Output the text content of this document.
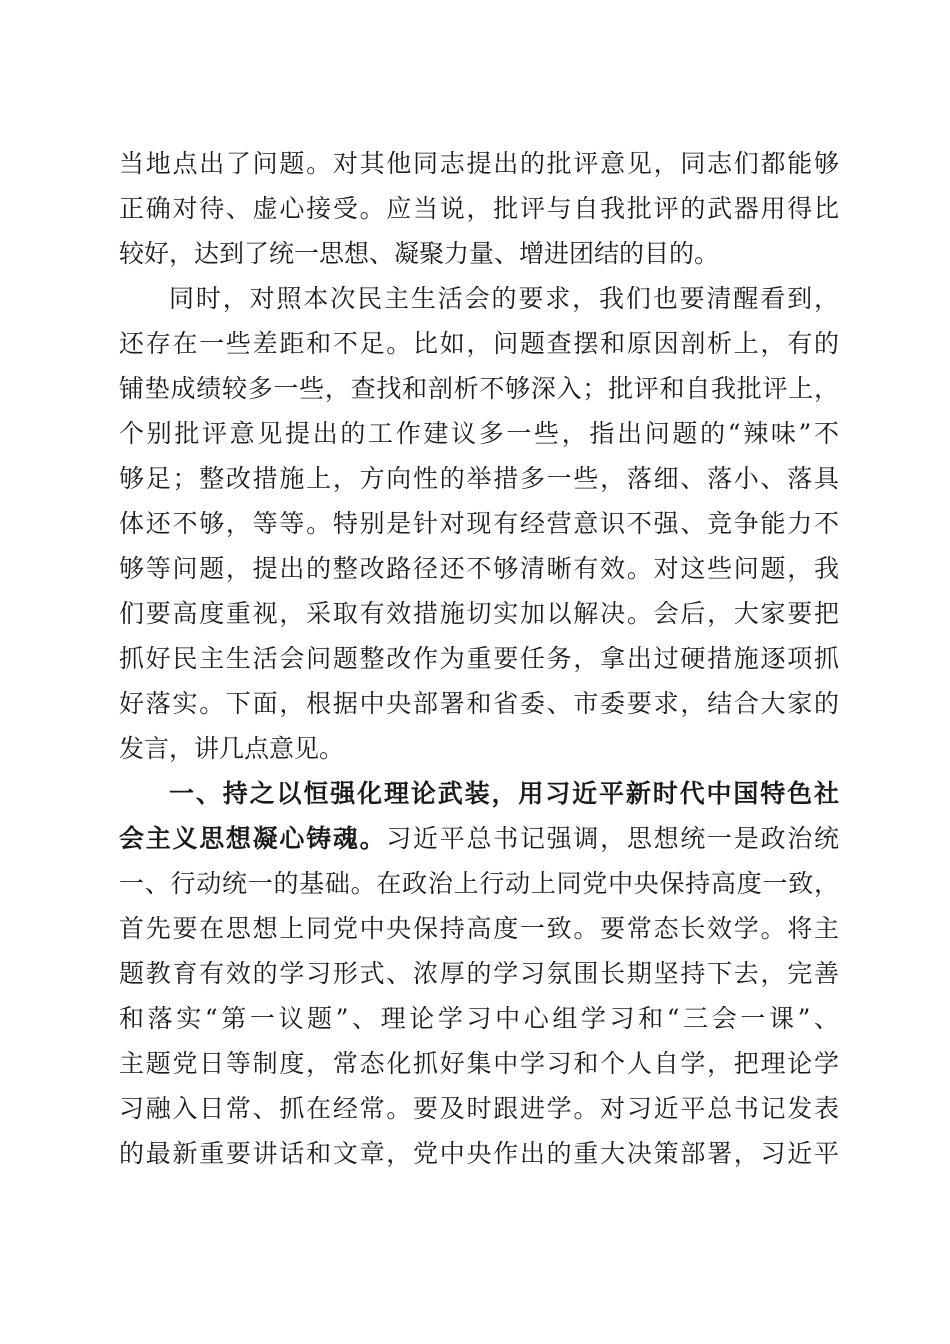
当地点出了问题。对其他同志提出的批评意见，同志们都能够
正确对待、虚心接受。应当说，批评与自我批评的武器用得比
较好，达到了统一思想、凝聚力量、增进团结的目的。
同时，对照本次民主生活会的要求，我们也要清醒看到，
还存在一些差距和不足。比如，问题查摆和原因剖析上，有的
铺垫成绩较多一些，查找和剖析不够深入；批评和自我批评上，
个别批评意见提出的工作建议多一些，指出问题的“辣味”不
够足；整改措施上，方向性的举措多一些，落细、落小、落具
体还不够，等等。特别是针对现有经营意识不强、竞争能力不
够等问题，提出的整改路径还不够清晰有效。对这些问题，我
们要高度重视，采取有效措施切实加以解决。会后，大家要把
抓好民主生活会问题整改作为重要任务，拿出过硬措施逐项抓
好落实。下面，根据中央部署和省委、市委要求，结合大家的
发言，讲几点意见。
一、持之以恒强化理论武装，用习近平新时代中国特色社
会主义思想凝心铸魂。习近平总书记强调，思想统一是政治统
一、行动统一的基础。在政治上行动上同党中央保持高度一致，
首先要在思想上同党中央保持高度一致。要常态长效学。将主
题教育有效的学习形式、浓厚的学习氛围长期坚持下去，完善
和落实“第一议题”、理论学习中心组学习和“三会一课”、
主题党日等制度，常态化抓好集中学习和个人自学，把理论学
习融入日常、抓在经常。要及时跟进学。对习近平总书记发表
的最新重要讲话和文章，党中央作出的重大决策部署，习近平
